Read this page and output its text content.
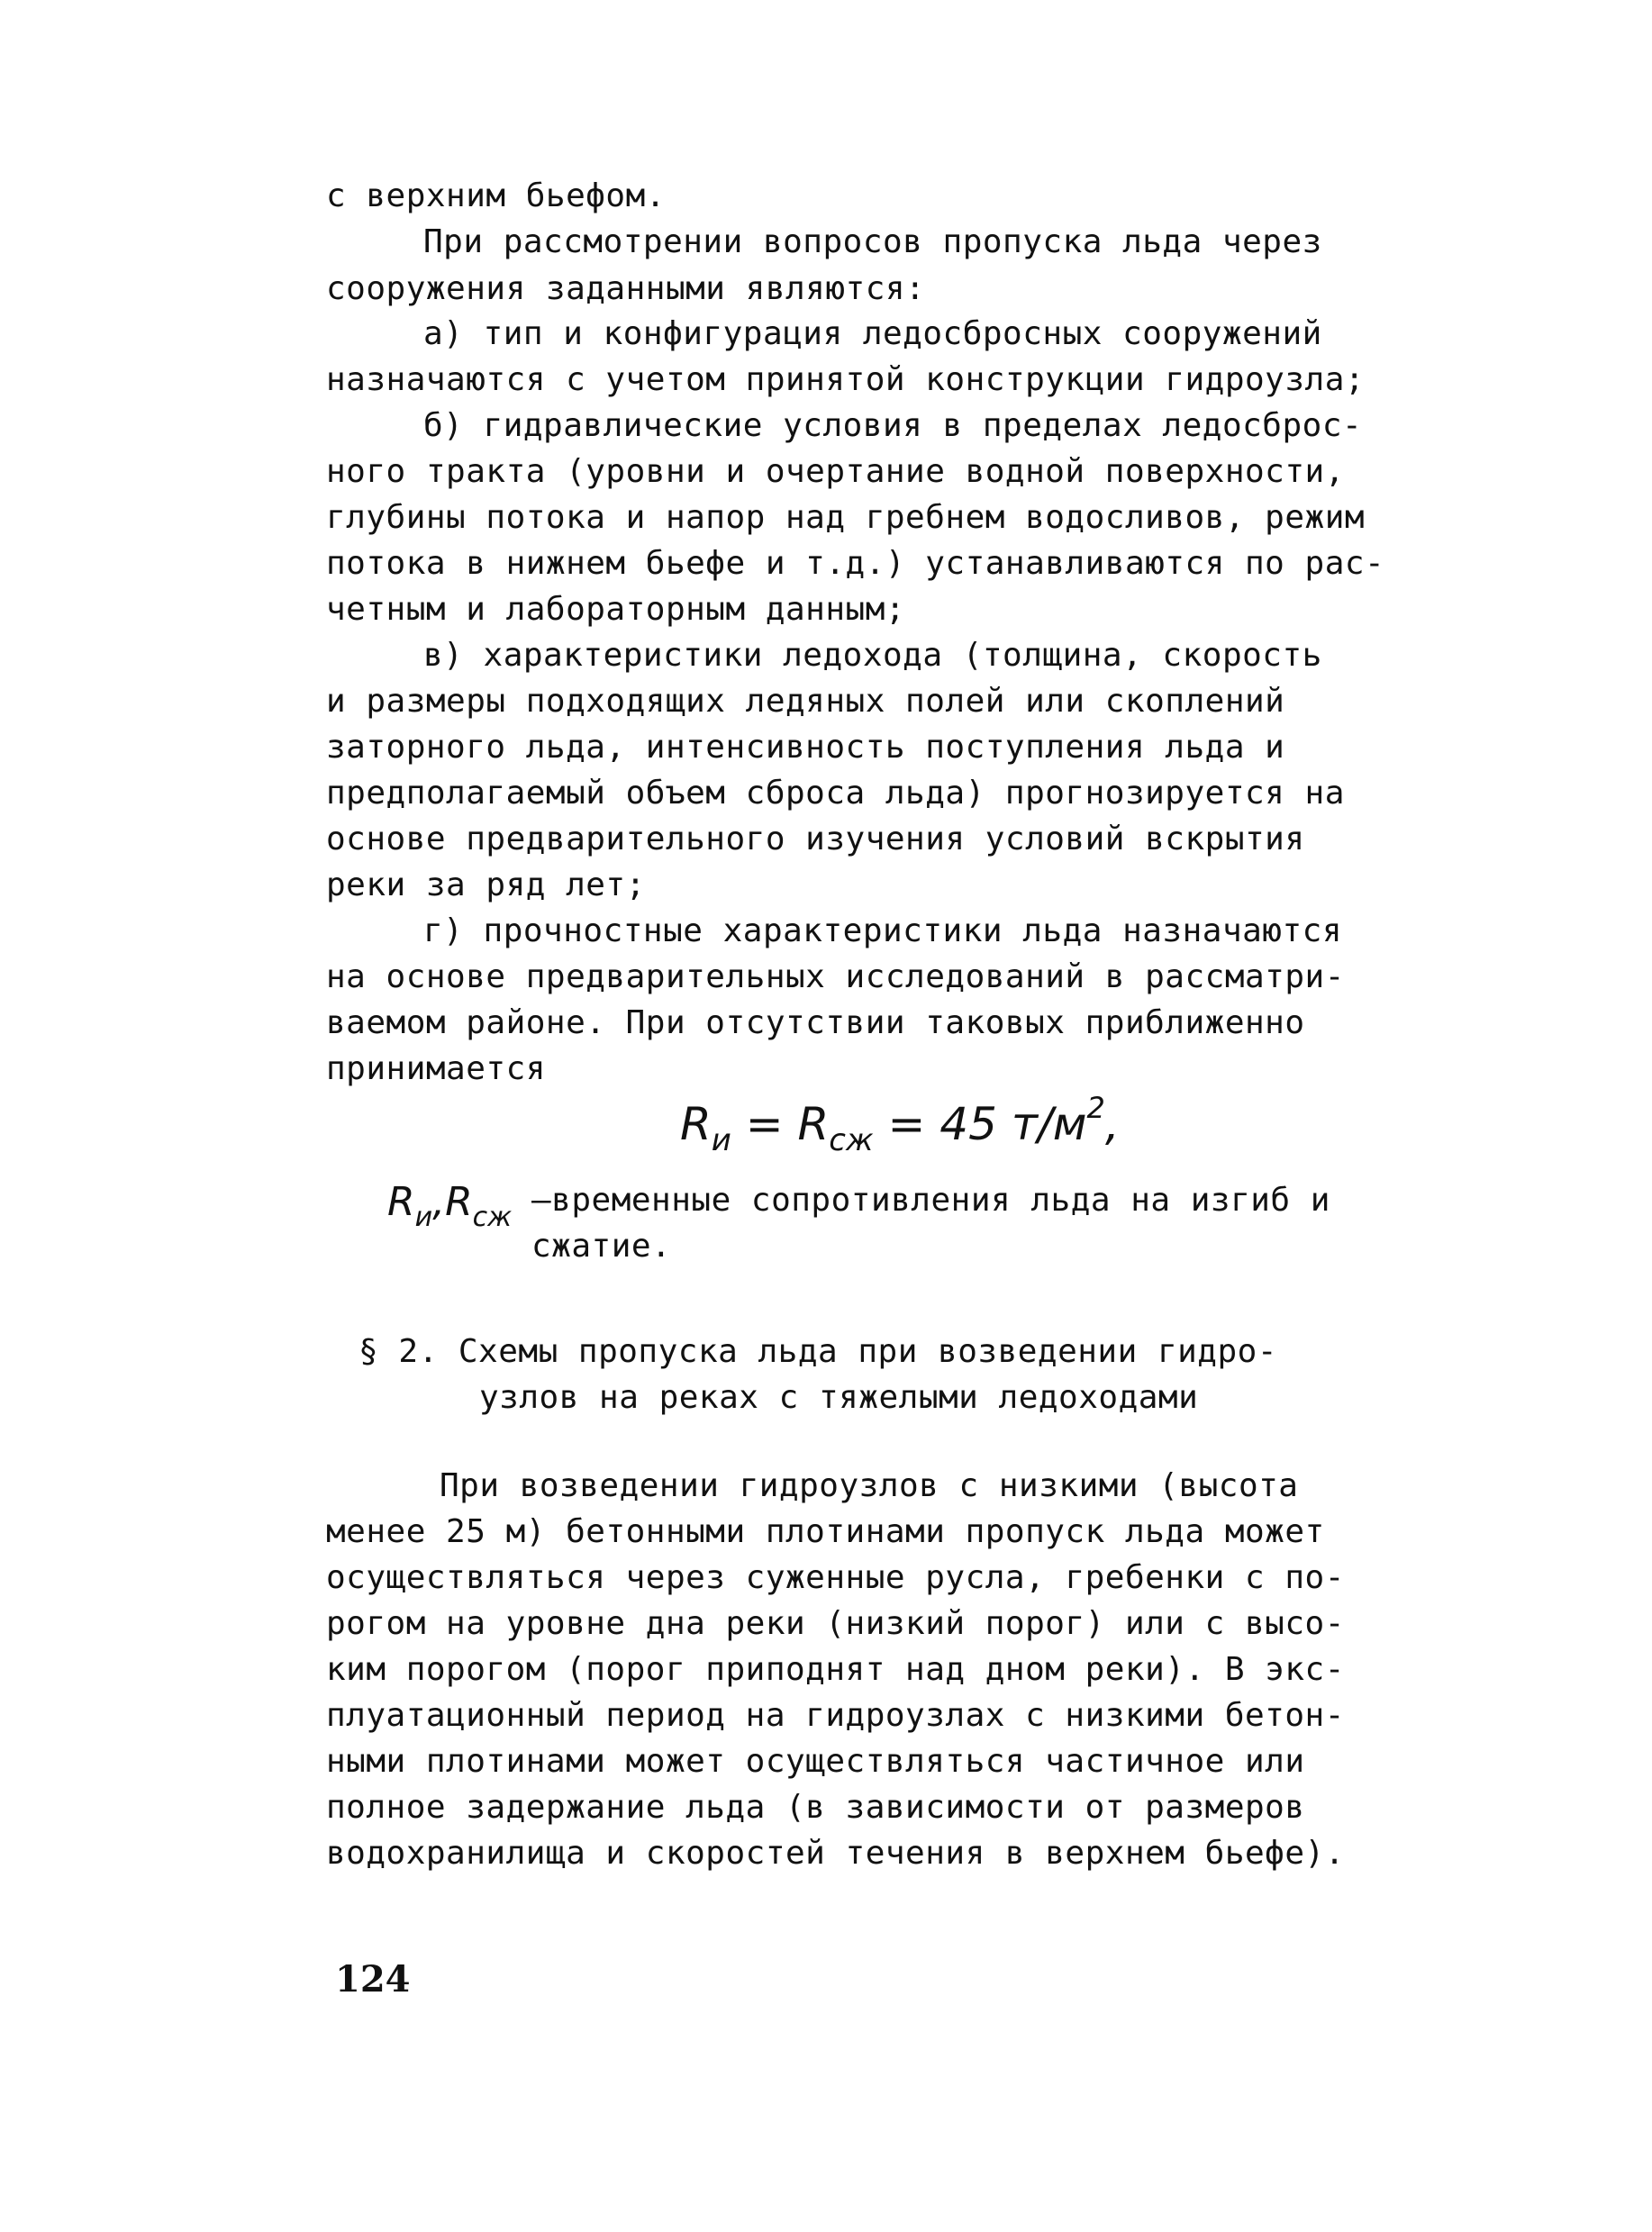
с верхним бьефом.
При рассмотрении вопросов пропуска льда через
сооружения заданными являются:
а) тип и конфигурация ледосбросных сооружений
назначаются с учетом принятой конструкции гидроузла;
б) гидравлические условия в пределах ледосброс-
ного тракта (уровни и очертание водной поверхности,
глубины потока и напор над гребнем водосливов, режим
потока в нижнем бьефе и т.д.) устанавливаются по рас-
четным и лабораторным данным;
в) характеристики ледохода (толщина, скорость
и размеры подходящих ледяных полей или скоплений
заторного льда, интенсивность поступления льда и
предполагаемый объем сброса льда) прогнозируется на
основе предварительного изучения условий вскрытия
реки за ряд лет;
г) прочностные характеристики льда назначаются
на основе предварительных исследований в рассматри-
ваемом районе. При отсутствии таковых приближенно
принимается
$R_и = R_{сж} = 45$ $т/м^2$,
$R_и,R_{сж}$ –временные сопротивления льда на изгиб и
сжатие.
§ 2. Схемы пропуска льда при возведении гидро-
узлов на реках с тяжелыми ледоходами
При возведении гидроузлов с низкими (высота
менее 25 м) бетонными плотинами пропуск льда может
осуществляться через суженные русла, гребенки с по-
рогом на уровне дна реки (низкий порог) или с высо-
ким порогом (порог приподнят над дном реки). В экс-
плуатационный период на гидроузлах с низкими бетон-
ными плотинами может осуществляться частичное или
полное задержание льда (в зависимости от размеров
водохранилища и скоростей течения в верхнем бьефе).
124
